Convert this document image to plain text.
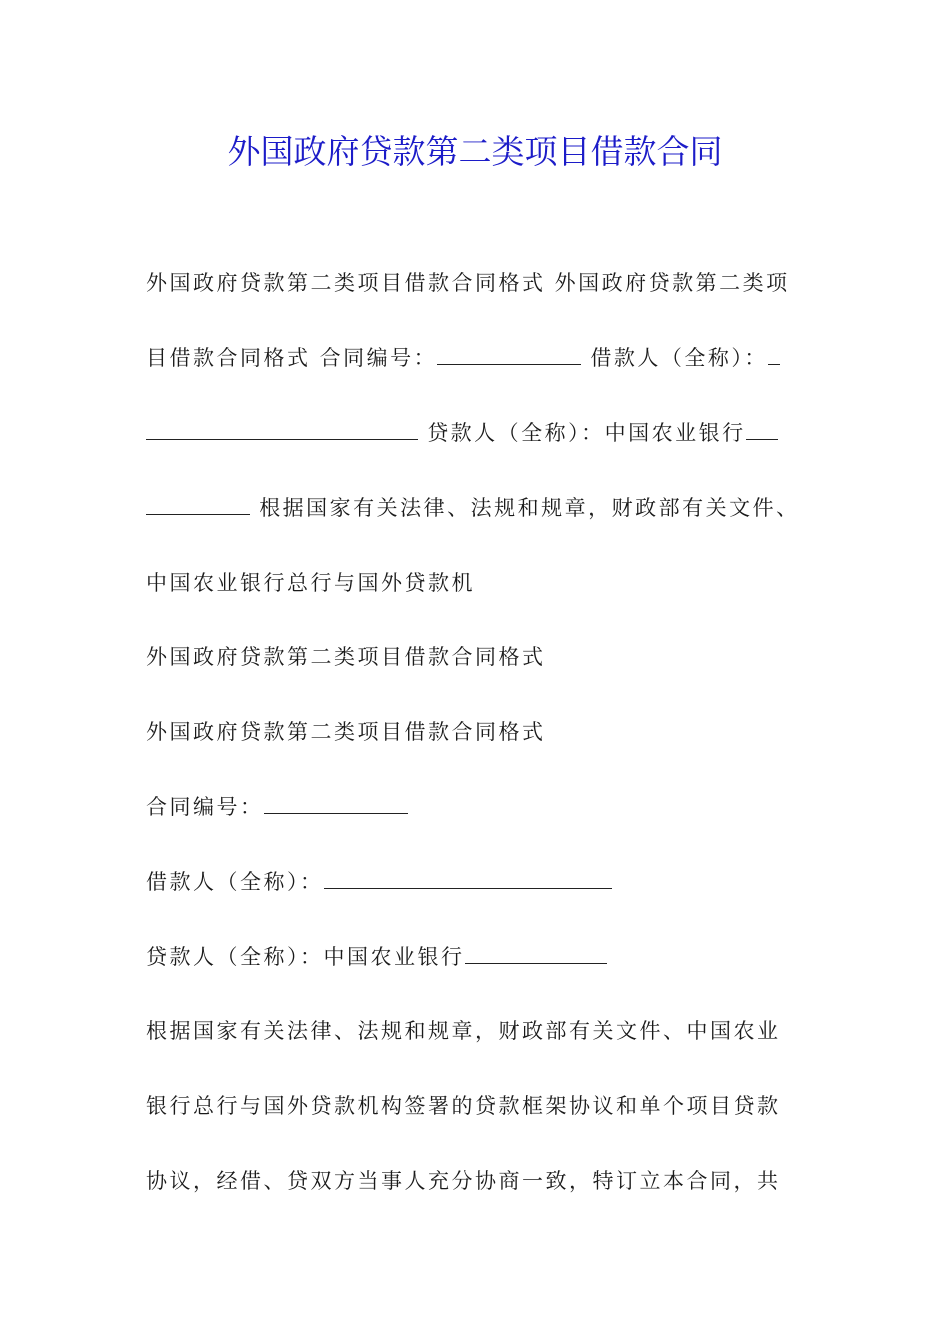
外国政府贷款第二类项目借款合同

外国政府贷款第二类项目借款合同格式 外国政府贷款第二类项

目借款合同格式 合同编号：	借款人（全称）：

贷款人（全称）：中国农业银行

根据国家有关法律、法规和规章，财政部有关文件、

中国农业银行总行与国外贷款机

外国政府贷款第二类项目借款合同格式

外国政府贷款第二类项目借款合同格式

合同编号：

借款人（全称）：

贷款人（全称）：中国农业银行

根据国家有关法律、法规和规章，财政部有关文件、中国农业

银行总行与国外贷款机构签署的贷款框架协议和单个项目贷款

协议，经借、贷双方当事人充分协商一致，特订立本合同，共
